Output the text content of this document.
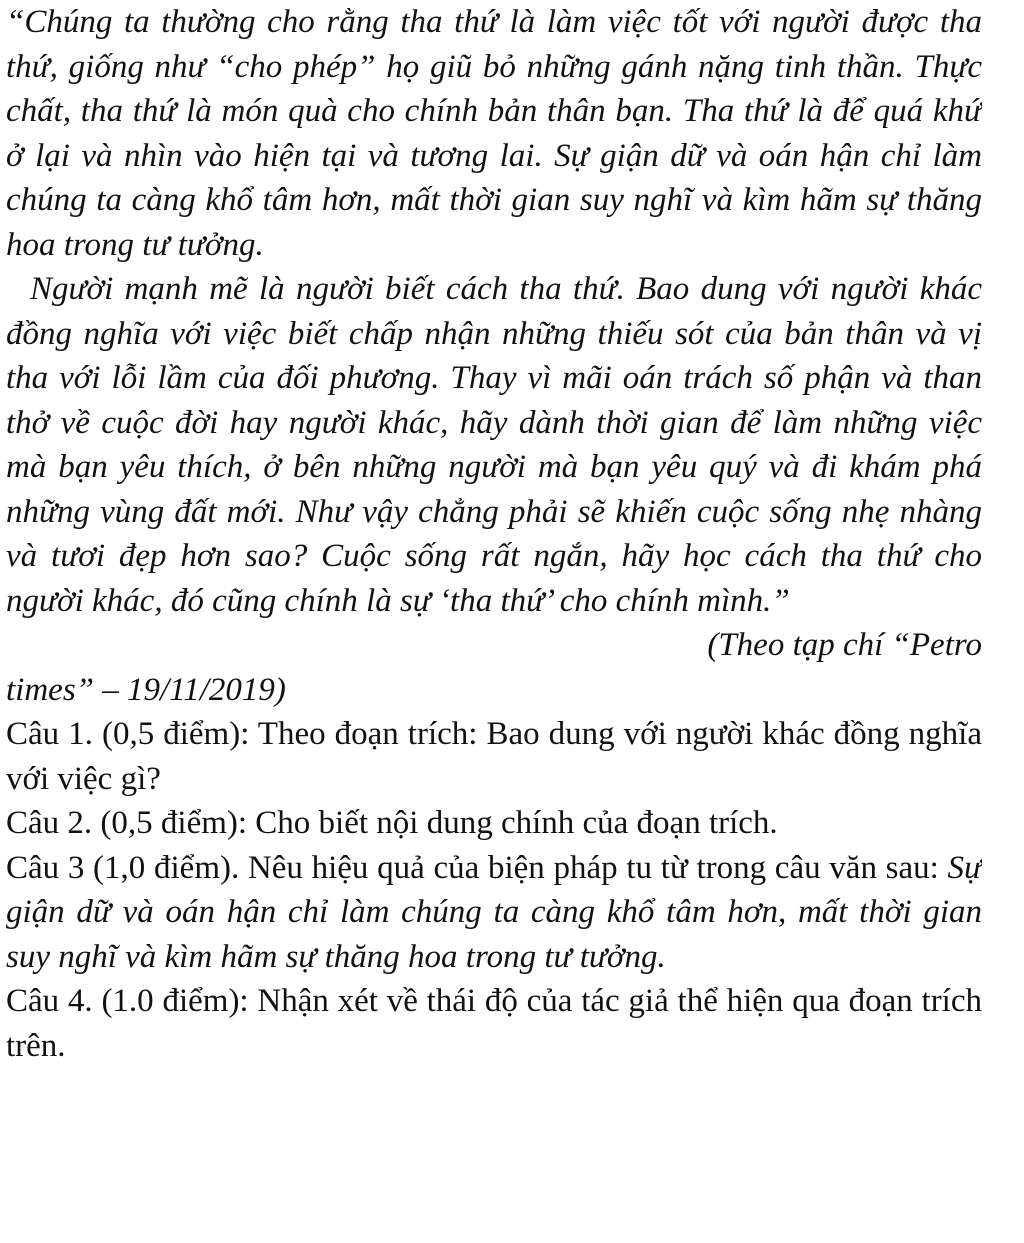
“Chúng ta thường cho rằng tha thứ là làm việc tốt với người được tha thứ, giống như “cho phép” họ giũ bỏ những gánh nặng tinh thần. Thực chất, tha thứ là món quà cho chính bản thân bạn. Tha thứ là để quá khứ ở lại và nhìn vào hiện tại và tương lai. Sự giận dữ và oán hận chỉ làm chúng ta càng khổ tâm hơn, mất thời gian suy nghĩ và kìm hãm sự thăng hoa trong tư tưởng.

Người mạnh mẽ là người biết cách tha thứ. Bao dung với người khác đồng nghĩa với việc biết chấp nhận những thiếu sót của bản thân và vị tha với lỗi lầm của đối phương. Thay vì mãi oán trách số phận và than thở về cuộc đời hay người khác, hãy dành thời gian để làm những việc mà bạn yêu thích, ở bên những người mà bạn yêu quý và đi khám phá những vùng đất mới. Như vậy chẳng phải sẽ khiến cuộc sống nhẹ nhàng và tươi đẹp hơn sao? Cuộc sống rất ngắn, hãy học cách tha thứ cho người khác, đó cũng chính là sự ‘tha thứ’ cho chính mình.”

(Theo tạp chí “Petro

times” – 19/11/2019)

Câu 1. (0,5 điểm): Theo đoạn trích: Bao dung với người khác đồng nghĩa với việc gì?

Câu 2. (0,5 điểm): Cho biết nội dung chính của đoạn trích.

Câu 3 (1,0 điểm). Nêu hiệu quả của biện pháp tu từ trong câu văn sau: Sự giận dữ và oán hận chỉ làm chúng ta càng khổ tâm hơn, mất thời gian suy nghĩ và kìm hãm sự thăng hoa trong tư tưởng.

Câu 4. (1.0 điểm): Nhận xét về thái độ của tác giả thể hiện qua đoạn trích trên.
